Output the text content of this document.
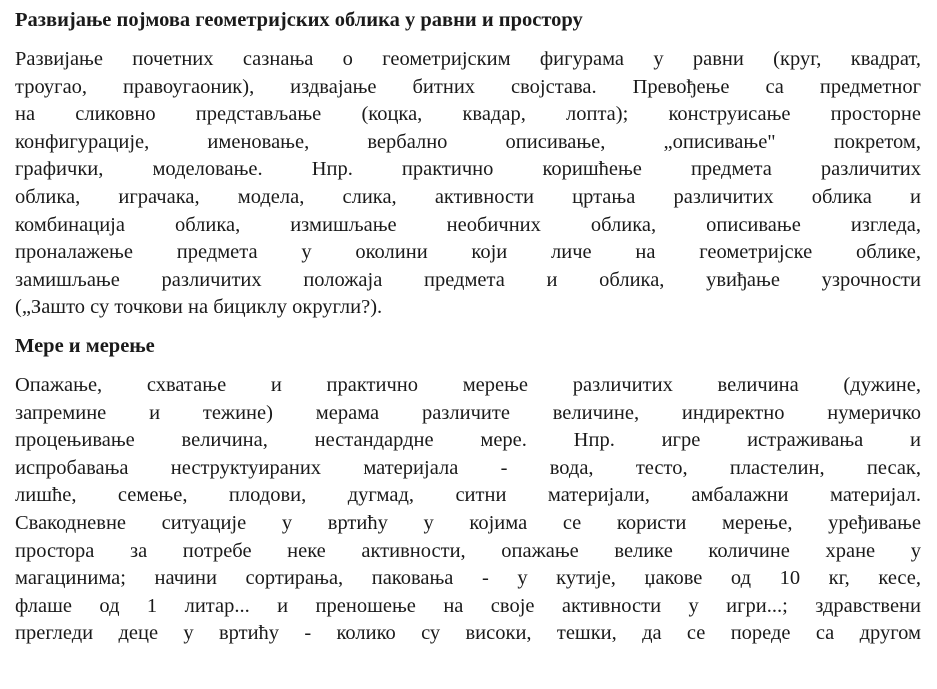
Развијање појмова геометријских облика у равни и простору
Развијање почетних сазнања о геометријским фигурама у равни (круг, квадрат,
троугао, правоугаоник), издвајање битних својстава. Превођење са предметног
на сликовно представљање (коцка, квадар, лопта); конструисање просторне
конфигурације, именовање, вербално описивање, „описивање" покретом,
графички, моделовање. Нпр. практично коришћење предмета различитих
облика, играчака, модела, слика, активности цртања различитих облика и
комбинација облика, измишљање необичних облика, описивање изгледа,
проналажење предмета у околини који личе на геометријске облике,
замишљање различитих положаја предмета и облика, увиђање узрочности
(„Зашто су точкови на бициклу округли?).
Мере и мерење
Опажање, схватање и практично мерење различитих величина (дужине,
запремине и тежине) мерама различите величине, индиректно нумеричко
процењивање величина, нестандардне мере. Нпр. игре истраживања и
испробавања неструктуираних материјала - вода, тесто, пластелин, песак,
лишће, семење, плодови, дугмад, ситни материјали, амбалажни материјал.
Свакодневне ситуације у вртићу у којима се користи мерење, уређивање
простора за потребе неке активности, опажање велике количине хране у
магацинима; начини сортирања, паковања - у кутије, џакове од 10 кг, кесе,
флаше од 1 литар... и преношење на своје активности у игри...; здравствени
прегледи деце у вртићу - колико су високи, тешки, да се пореде са другом
